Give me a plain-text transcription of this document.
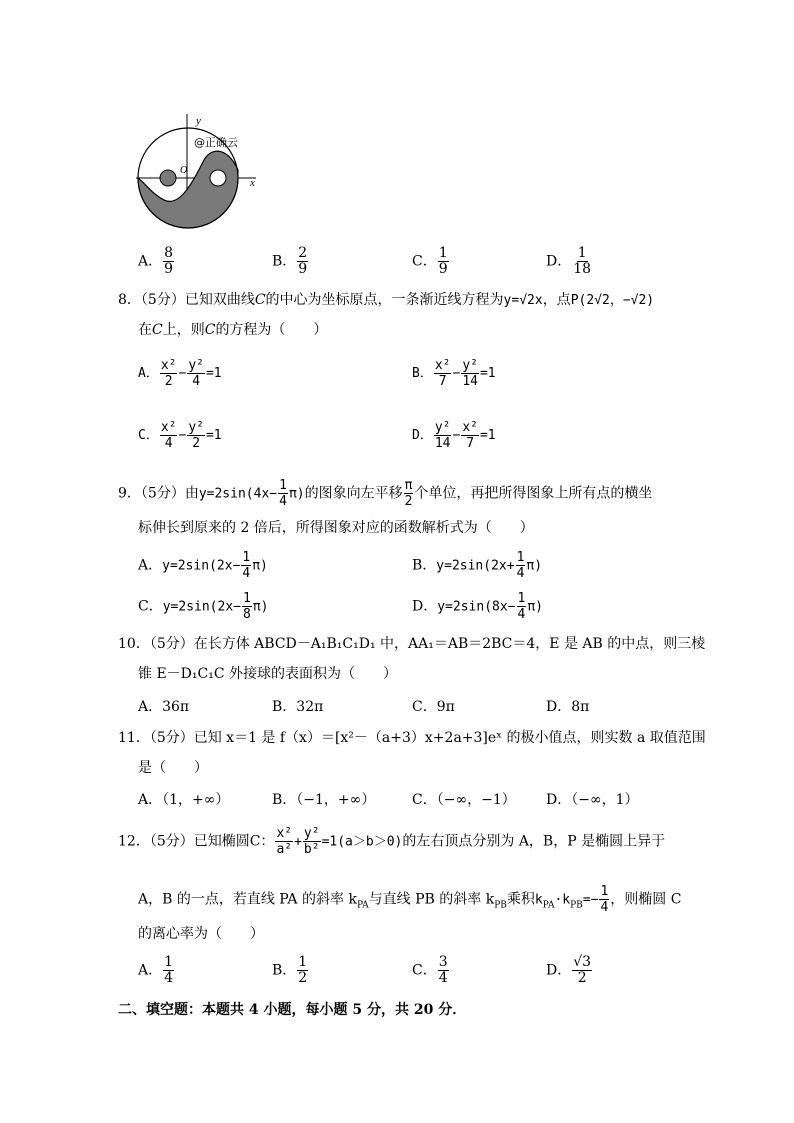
y
@正确云
O
x
A． $\frac{8}{9}$	B． $\frac{2}{9}$	C． $\frac{1}{9}$	D． $\frac{1}{18}$
8．（5分）已知双曲线C的中心为坐标原点，一条渐近线方程为y=√2x，点P(2√2，−√2)
在C上，则C的方程为（　　）
A． $\frac{\text{x²}}{2} - \frac{\text{y²}}{4} =1$	B． $\frac{\text{x²}}{7} - \frac{\text{y²}}{14} =1$
C． $\frac{\text{x²}}{4} - \frac{\text{y²}}{2} =1$	D． $\frac{\text{y²}}{14} - \frac{\text{x²}}{7} =1$
9．（5分）由$y=2\sin(4x- \frac{1}{4} \pi)$的图象向左平移 $\frac{\pi}{2}$ 个单位，再把所得图象上所有点的横坐
标伸长到原来的 2 倍后，所得图象对应的函数解析式为（　　）
A．$y=2\sin(2x- \frac{1}{4} \pi)$	B．$y=2\sin(2x+ \frac{1}{4} \pi)$
C．$y=2\sin(2x- \frac{1}{8} \pi)$	D．$y=2\sin(8x- \frac{1}{4} \pi)$
10．（5分）在长方体 ABCD－A₁B₁C₁D₁ 中，AA₁＝AB＝2BC＝4，E 是 AB 的中点，则三棱
锥 E－D₁C₁C 外接球的表面积为（　　）
A．36π	B．32π	C．9π	D．8π
11．（5分）已知 x＝1 是 f（x）＝[x²－（a+3）x+2a+3]eˣ 的极小值点，则实数 a 取值范围
是（　　）
A．（1，+∞）	B．（−1，+∞）	C．（−∞，−1） D．（−∞，1）
12．（5分）已知椭圆C： $\frac{\text{x²}}{\text{a²}} + \frac{\text{y²}}{\text{b²}} =1(a>b>0)$的左右顶点分别为 A，B，P 是椭圆上异于
A，B 的一点，若直线 PA 的斜率 $k_{PA}$与直线 PB 的斜率 $k_{PB}$乘积$k_{PA}\cdot k_{PB}=- \frac{1}{4}$ ，则椭圆 C
的离心率为（　　）
A． $\frac{1}{4}$	B． $\frac{1}{2}$	C． $\frac{3}{4}$	D． $\frac{√3}{2}$
二、填空题：本题共 4 小题，每小题 5 分，共 20 分．
